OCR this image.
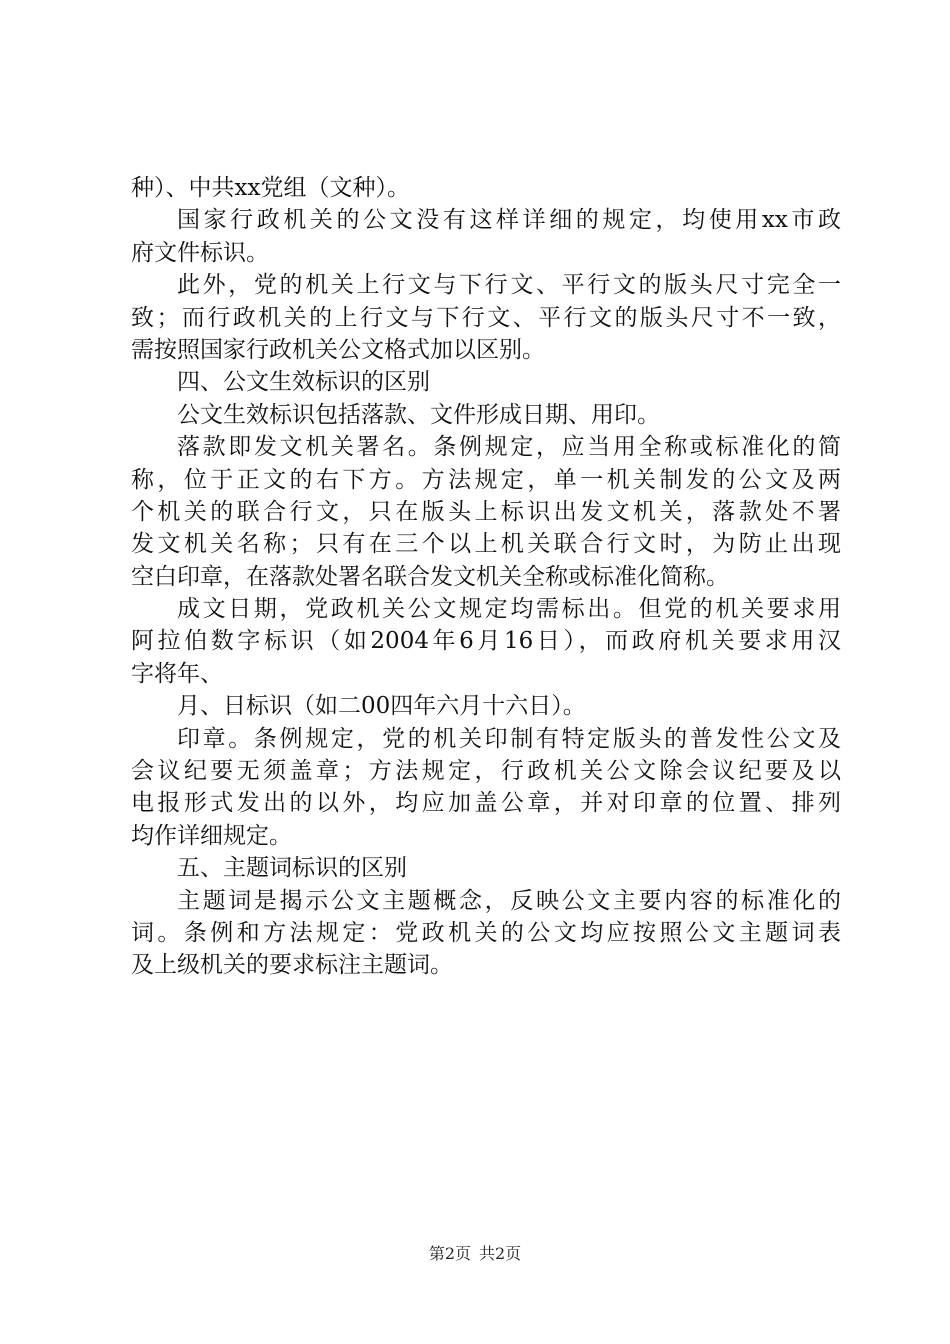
种）、中共xx党组（文种）。
国家行政机关的公文没有这样详细的规定，均使用xx市政
府文件标识。
此外，党的机关上行文与下行文、平行文的版头尺寸完全一
致；而行政机关的上行文与下行文、平行文的版头尺寸不一致，
需按照国家行政机关公文格式加以区别。
四、公文生效标识的区别
公文生效标识包括落款、文件形成日期、用印。
落款即发文机关署名。条例规定，应当用全称或标准化的简
称，位于正文的右下方。方法规定，单一机关制发的公文及两
个机关的联合行文，只在版头上标识出发文机关，落款处不署
发文机关名称；只有在三个以上机关联合行文时，为防止出现
空白印章，在落款处署名联合发文机关全称或标准化简称。
成文日期，党政机关公文规定均需标出。但党的机关要求用
阿拉伯数字标识（如2004年6月16日），而政府机关要求用汉
字将年、
月、日标识（如二00四年六月十六日）。
印章。条例规定，党的机关印制有特定版头的普发性公文及
会议纪要无须盖章；方法规定，行政机关公文除会议纪要及以
电报形式发出的以外，均应加盖公章，并对印章的位置、排列
均作详细规定。
五、主题词标识的区别
主题词是揭示公文主题概念，反映公文主要内容的标准化的
词。条例和方法规定：党政机关的公文均应按照公文主题词表
及上级机关的要求标注主题词。
第2页 共2页
